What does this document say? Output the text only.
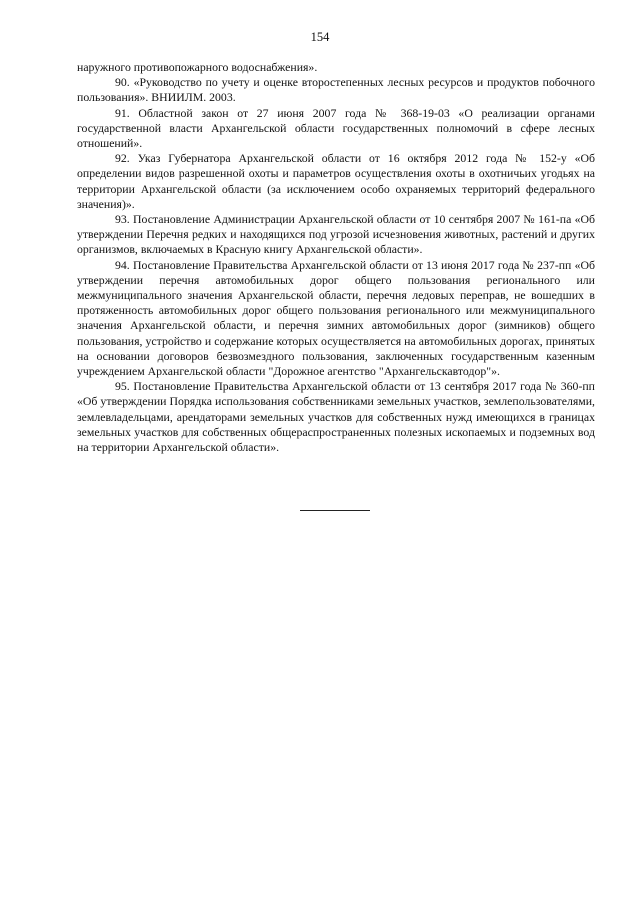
154

наружного противопожарного водоснабжения».

90. «Руководство по учету и оценке второстепенных лесных ресурсов и продуктов побочного пользования». ВНИИЛМ. 2003.

91. Областной закон от 27 июня 2007 года № 368-19-03 «О реализации органами государственной власти Архангельской области государственных полномочий в сфере лесных отношений».

92. Указ Губернатора Архангельской области от 16 октября 2012 года № 152-у «Об определении видов разрешенной охоты и параметров осуществления охоты в охотничьих угодьях на территории Архангельской области (за исключением особо охраняемых территорий федерального значения)».

93. Постановление Администрации Архангельской области от 10 сентября 2007 № 161-па «Об утверждении Перечня редких и находящихся под угрозой исчезновения животных, растений и других организмов, включаемых в Красную книгу Архангельской области».

94. Постановление Правительства Архангельской области от 13 июня 2017 года № 237-пп «Об утверждении перечня автомобильных дорог общего пользования регионального или межмуниципального значения Архангельской области, перечня ледовых переправ, не вошедших в протяженность автомобильных дорог общего пользования регионального или межмуниципального значения Архангельской области, и перечня зимних автомобильных дорог (зимников) общего пользования, устройство и содержание которых осуществляется на автомобильных дорогах, принятых на основании договоров безвозмездного пользования, заключенных государственным казенным учреждением Архангельской области "Дорожное агентство "Архангельскавтодор"».

95. Постановление Правительства Архангельской области от 13 сентября 2017 года № 360-пп «Об утверждении Порядка использования собственниками земельных участков, землепользователями, землевладельцами, арендаторами земельных участков для собственных нужд имеющихся в границах земельных участков для собственных общераспространенных полезных ископаемых и подземных вод на территории Архангельской области».
